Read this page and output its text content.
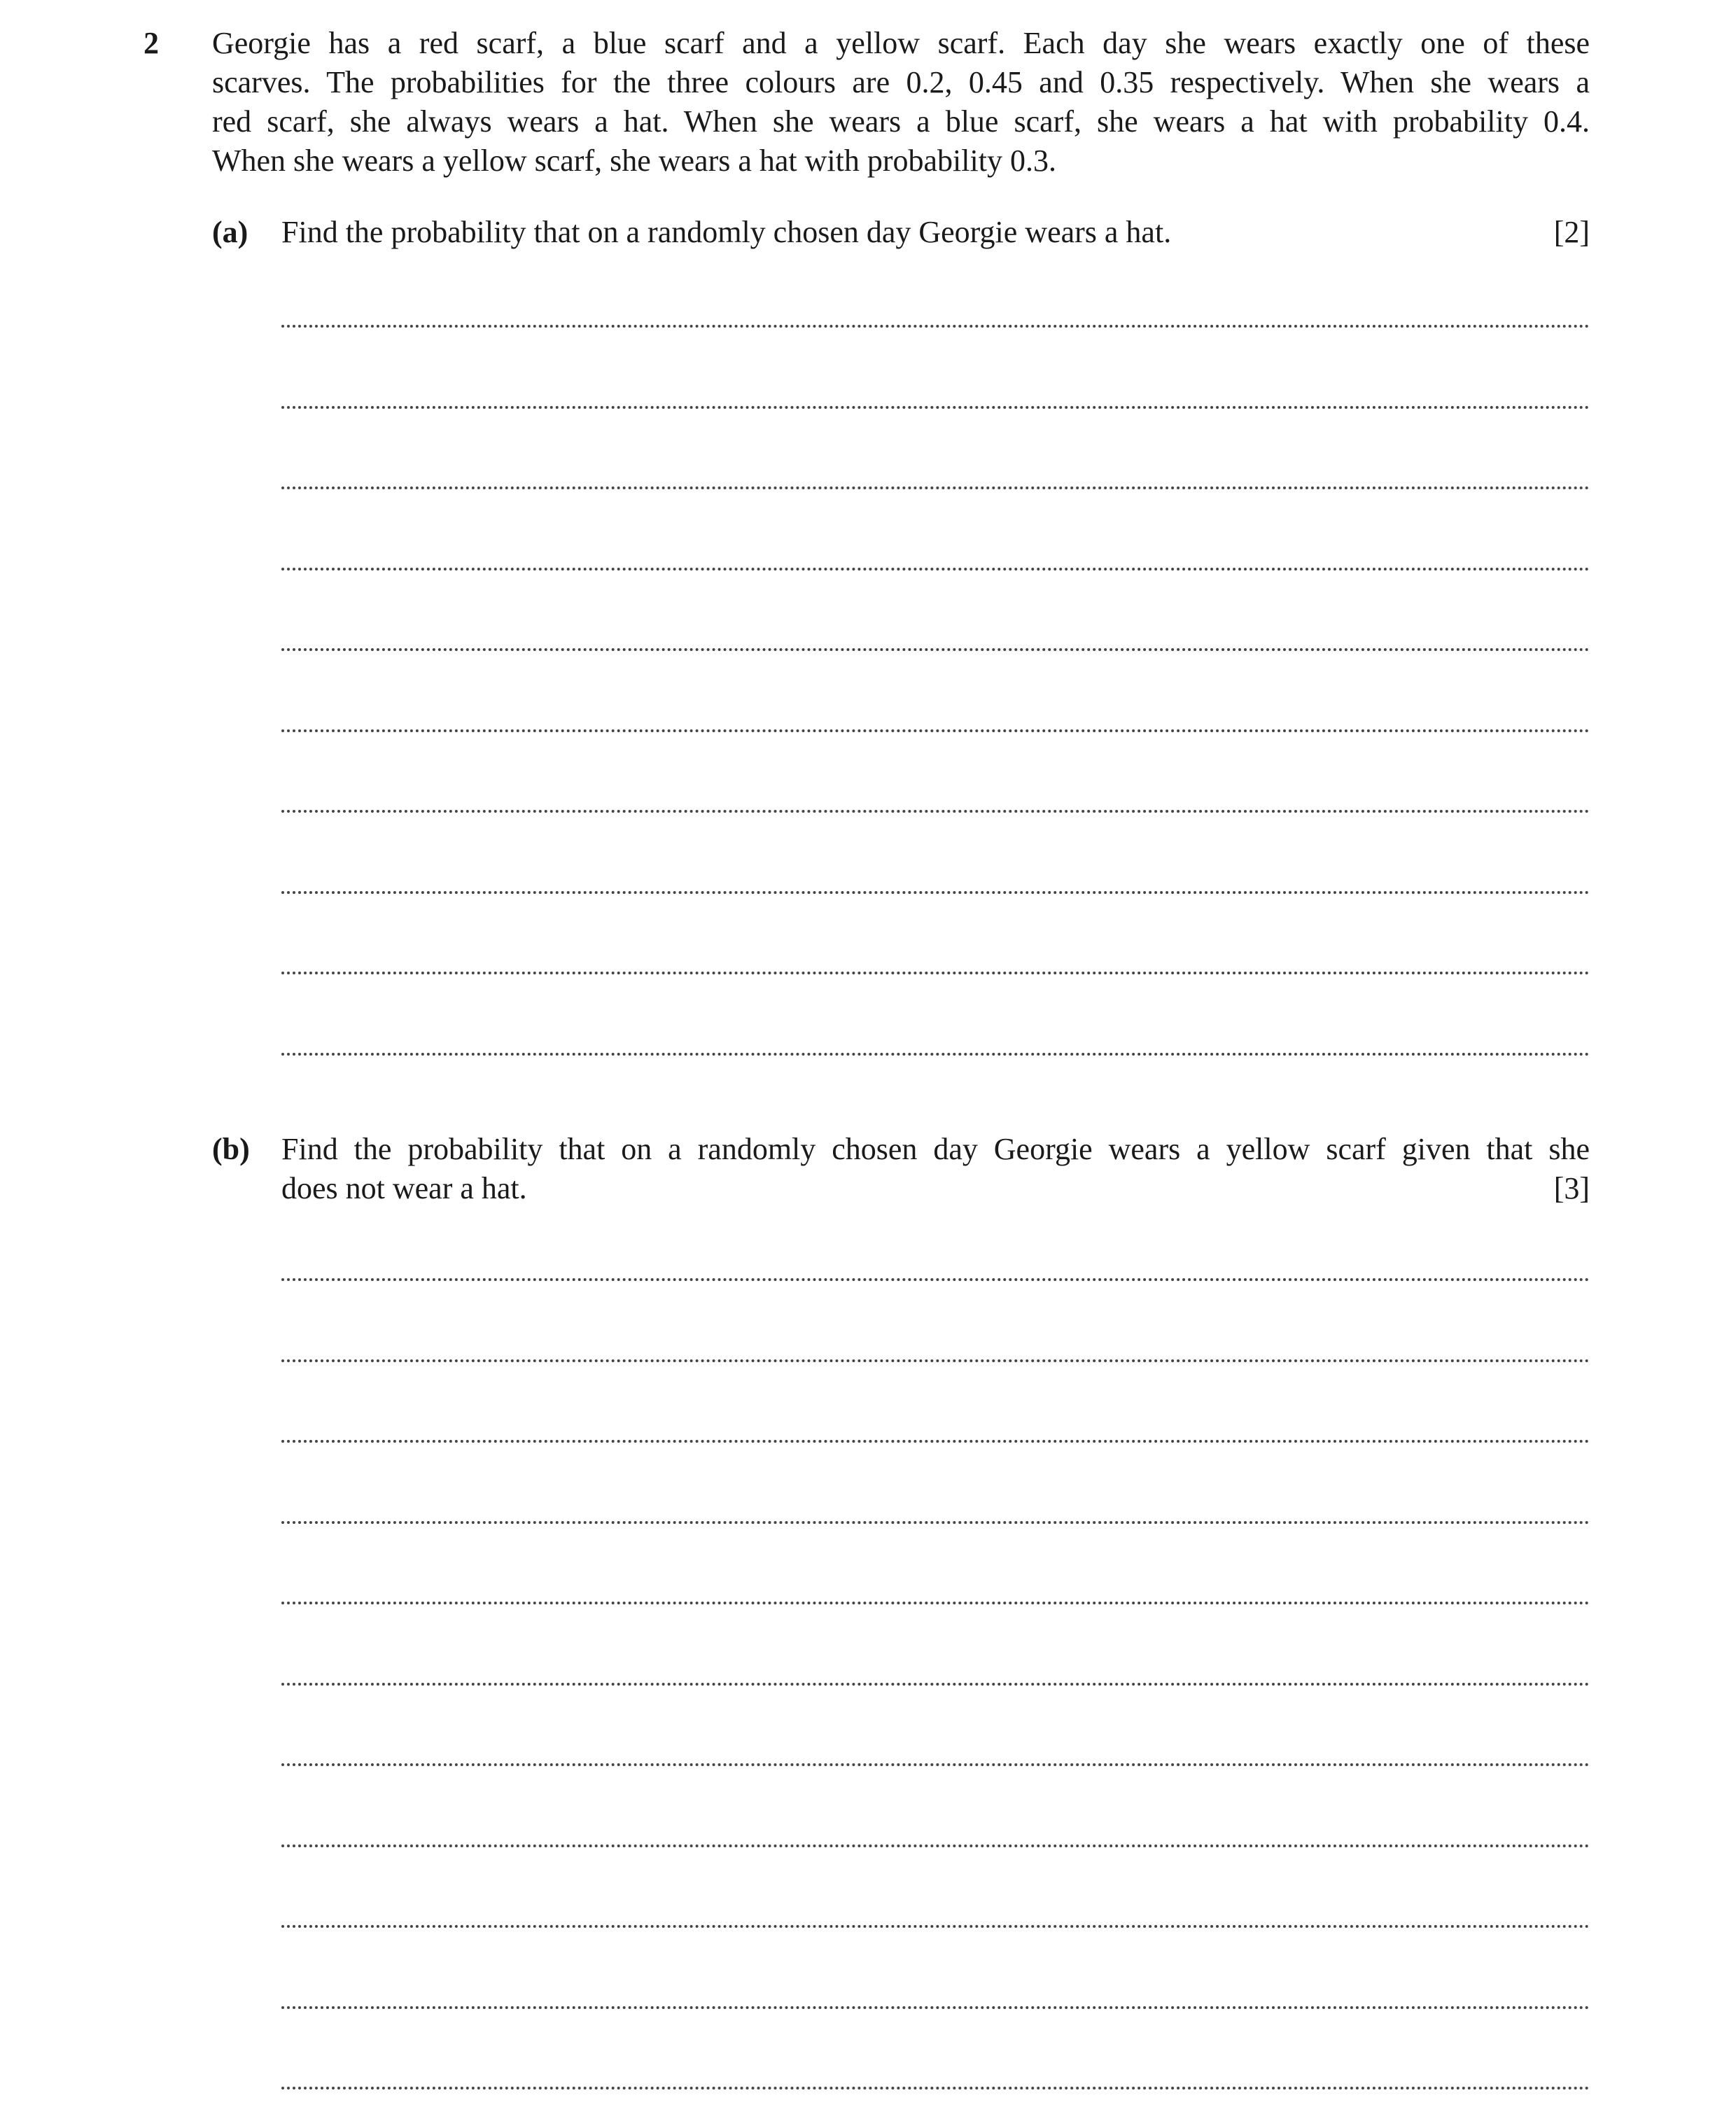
2 Georgie has a red scarf, a blue scarf and a yellow scarf. Each day she wears exactly one of these
scarves. The probabilities for the three colours are 0.2, 0.45 and 0.35 respectively. When she wears a
red scarf, she always wears a hat. When she wears a blue scarf, she wears a hat with probability 0.4.
When she wears a yellow scarf, she wears a hat with probability 0.3.
(a) Find the probability that on a randomly chosen day Georgie wears a hat.	[2]
(b) Find the probability that on a randomly chosen day Georgie wears a yellow scarf given that she
does not wear a hat.	[3]
